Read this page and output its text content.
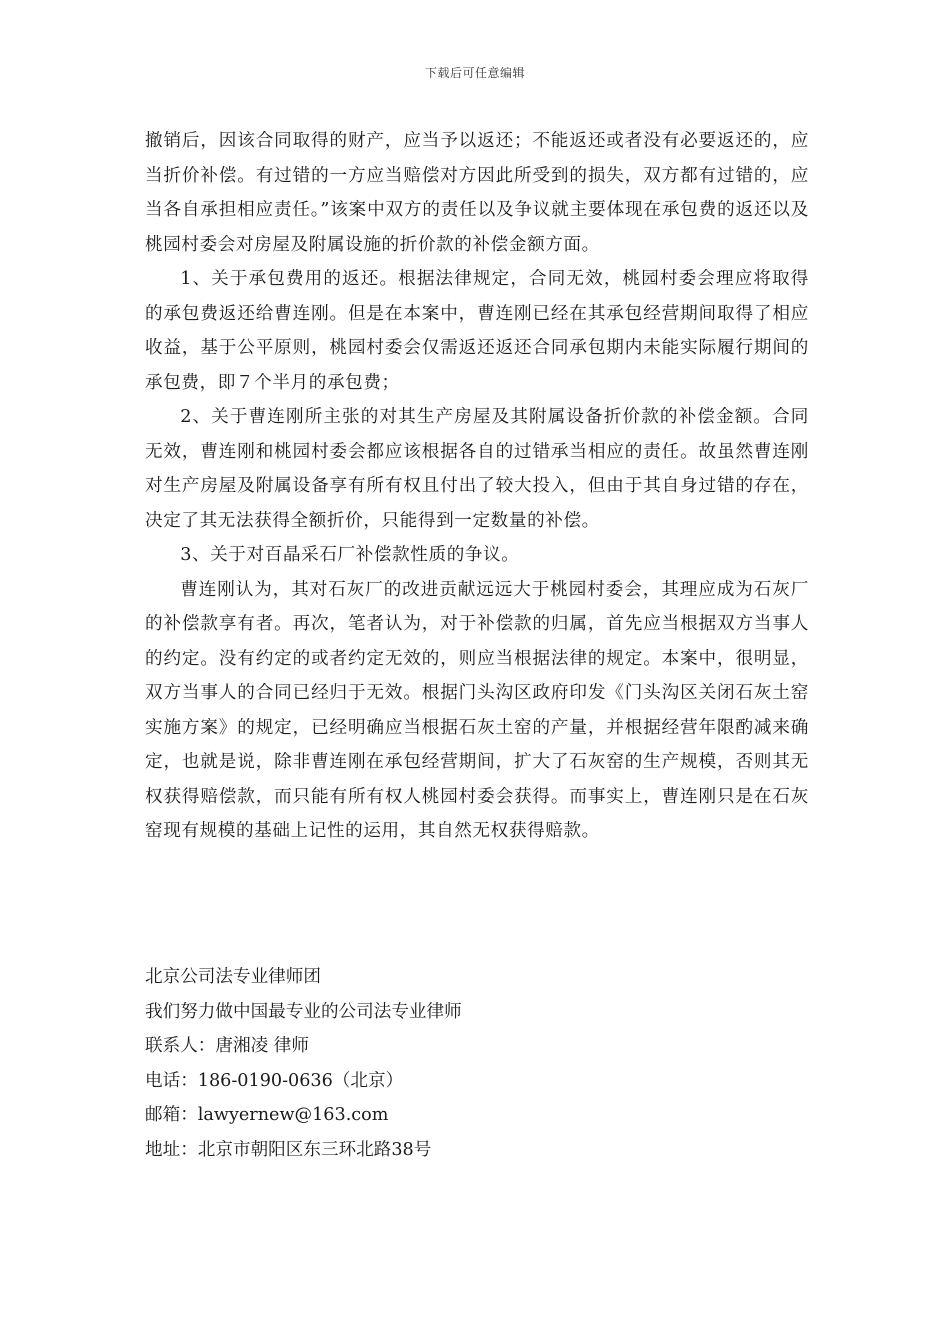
下载后可任意编辑

撤销后，因该合同取得的财产，应当予以返还；不能返还或者没有必要返还的，应当折价补偿。有过错的一方应当赔偿对方因此所受到的损失，双方都有过错的，应当各自承担相应责任。”该案中双方的责任以及争议就主要体现在承包费的返还以及桃园村委会对房屋及附属设施的折价款的补偿金额方面。

1、关于承包费用的返还。根据法律规定，合同无效，桃园村委会理应将取得的承包费返还给曹连刚。但是在本案中，曹连刚已经在其承包经营期间取得了相应收益，基于公平原则，桃园村委会仅需返还返还合同承包期内未能实际履行期间的承包费，即７个半月的承包费；

2、关于曹连刚所主张的对其生产房屋及其附属设备折价款的补偿金额。合同无效，曹连刚和桃园村委会都应该根据各自的过错承当相应的责任。故虽然曹连刚对生产房屋及附属设备享有所有权且付出了较大投入，但由于其自身过错的存在，决定了其无法获得全额折价，只能得到一定数量的补偿。

3、关于对百晶采石厂补偿款性质的争议。

曹连刚认为，其对石灰厂的改进贡献远远大于桃园村委会，其理应成为石灰厂的补偿款享有者。再次，笔者认为，对于补偿款的归属，首先应当根据双方当事人的约定。没有约定的或者约定无效的，则应当根据法律的规定。本案中，很明显，双方当事人的合同已经归于无效。根据门头沟区政府印发《门头沟区关闭石灰土窑实施方案》的规定，已经明确应当根据石灰土窑的产量，并根据经营年限酌减来确定，也就是说，除非曹连刚在承包经营期间，扩大了石灰窑的生产规模，否则其无权获得赔偿款，而只能有所有权人桃园村委会获得。而事实上，曹连刚只是在石灰窑现有规模的基础上记性的运用，其自然无权获得赔款。

北京公司法专业律师团
我们努力做中国最专业的公司法专业律师
联系人：唐湘凌 律师
电话：186-0190-0636（北京）
邮箱：lawyernew@163.com
地址：北京市朝阳区东三环北路38号
